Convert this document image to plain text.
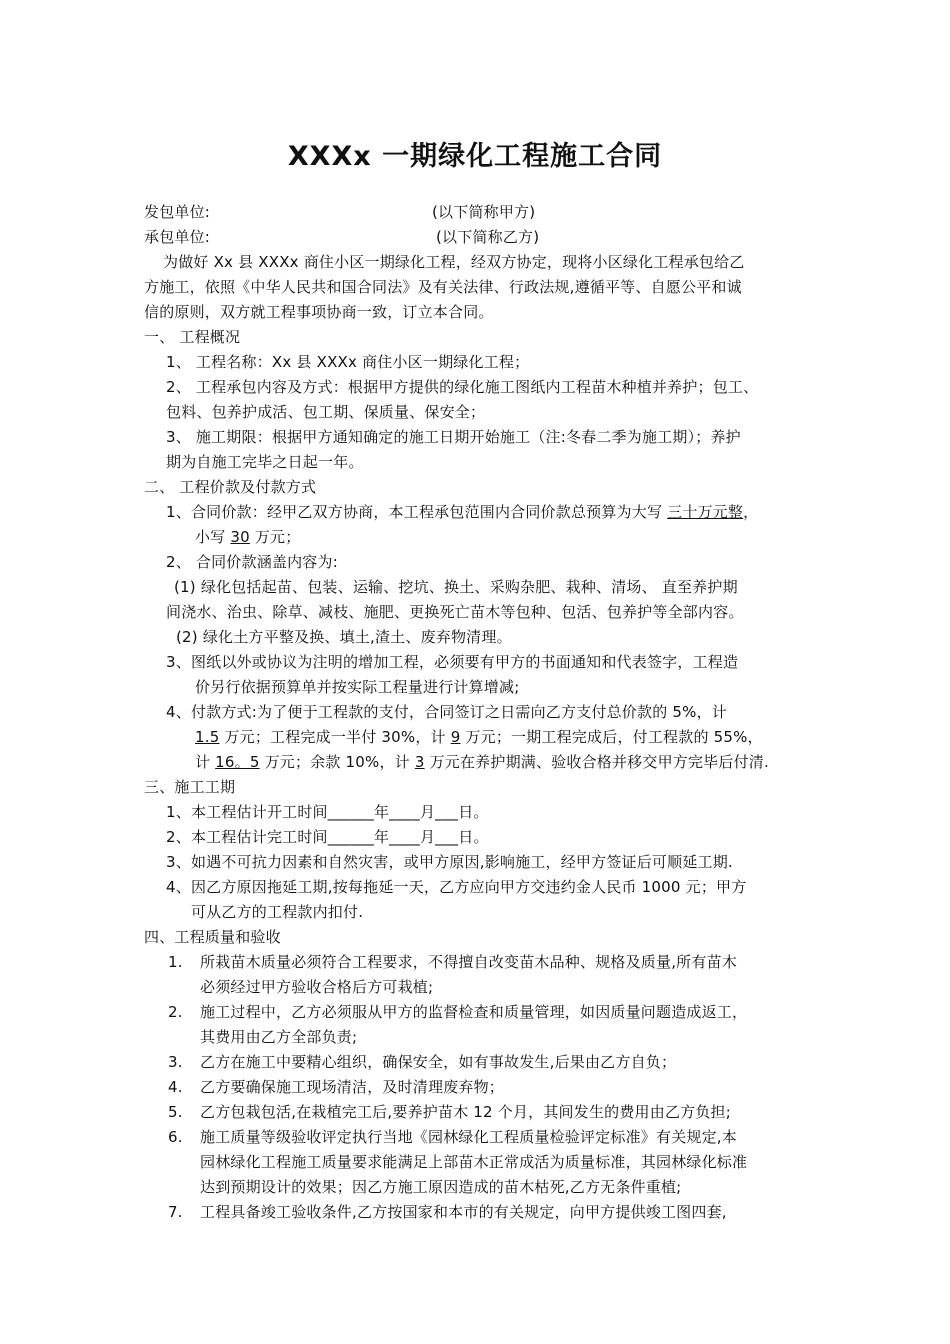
XXXx 一期绿化工程施工合同
发包单位:	(以下简称甲方)
承包单位:	(以下简称乙方)
为做好 Xx 县 XXXx 商住小区一期绿化工程，经双方协定，现将小区绿化工程承包给乙
方施工，依照《中华人民共和国合同法》及有关法律、行政法规,遵循平等、自愿公平和诚
信的原则，双方就工程事项协商一致，订立本合同。
一、 工程概况
1、 工程名称：Xx 县 XXXx 商住小区一期绿化工程；
2、 工程承包内容及方式：根据甲方提供的绿化施工图纸内工程苗木种植并养护；包工、
包料、包养护成活、包工期、保质量、保安全；
3、 施工期限：根据甲方通知确定的施工日期开始施工（注:冬春二季为施工期）；养护
期为自施工完毕之日起一年。
二、 工程价款及付款方式
1、合同价款：经甲乙双方协商，本工程承包范围内合同价款总预算为大写 三十万元整，
小写 30 万元；
2、 合同价款涵盖内容为:
(1) 绿化包括起苗、包装、运输、挖坑、换土、采购杂肥、栽种、清场、 直至养护期
间浇水、治虫、除草、减枝、施肥、更换死亡苗木等包种、包活、包养护等全部内容。
(2) 绿化土方平整及换、填土,渣土、废弃物清理。
3、图纸以外或协议为注明的增加工程，必须要有甲方的书面通知和代表签字，工程造
价另行依据预算单并按实际工程量进行计算增减;
4、付款方式:为了便于工程款的支付，合同签订之日需向乙方支付总价款的 5%，计
1.5 万元；工程完成一半付 30%，计 9 万元；一期工程完成后，付工程款的 55%，
计 16。5 万元；余款 10%，计 3 万元在养护期满、验收合格并移交甲方完毕后付清.
三、施工工期
1、本工程估计开工时间______年____月___日。
2、本工程估计完工时间______年____月___日。
3、如遇不可抗力因素和自然灾害，或甲方原因,影响施工，经甲方签证后可顺延工期.
4、因乙方原因拖延工期,按每拖延一天，乙方应向甲方交违约金人民币 1000 元；甲方
可从乙方的工程款内扣付.
四、工程质量和验收
1. 所栽苗木质量必须符合工程要求，不得擅自改变苗木品种、规格及质量,所有苗木
必须经过甲方验收合格后方可栽植;
2. 施工过程中，乙方必须服从甲方的监督检查和质量管理，如因质量问题造成返工，
其费用由乙方全部负责;
3. 乙方在施工中要精心组织，确保安全，如有事故发生,后果由乙方自负；
4. 乙方要确保施工现场清洁，及时清理废弃物；
5. 乙方包栽包活,在栽植完工后,要养护苗木 12 个月，其间发生的费用由乙方负担;
6. 施工质量等级验收评定执行当地《园林绿化工程质量检验评定标准》有关规定,本
园林绿化工程施工质量要求能满足上部苗木正常成活为质量标准，其园林绿化标准
达到预期设计的效果；因乙方施工原因造成的苗木枯死,乙方无条件重植;
7. 工程具备竣工验收条件,乙方按国家和本市的有关规定，向甲方提供竣工图四套,
